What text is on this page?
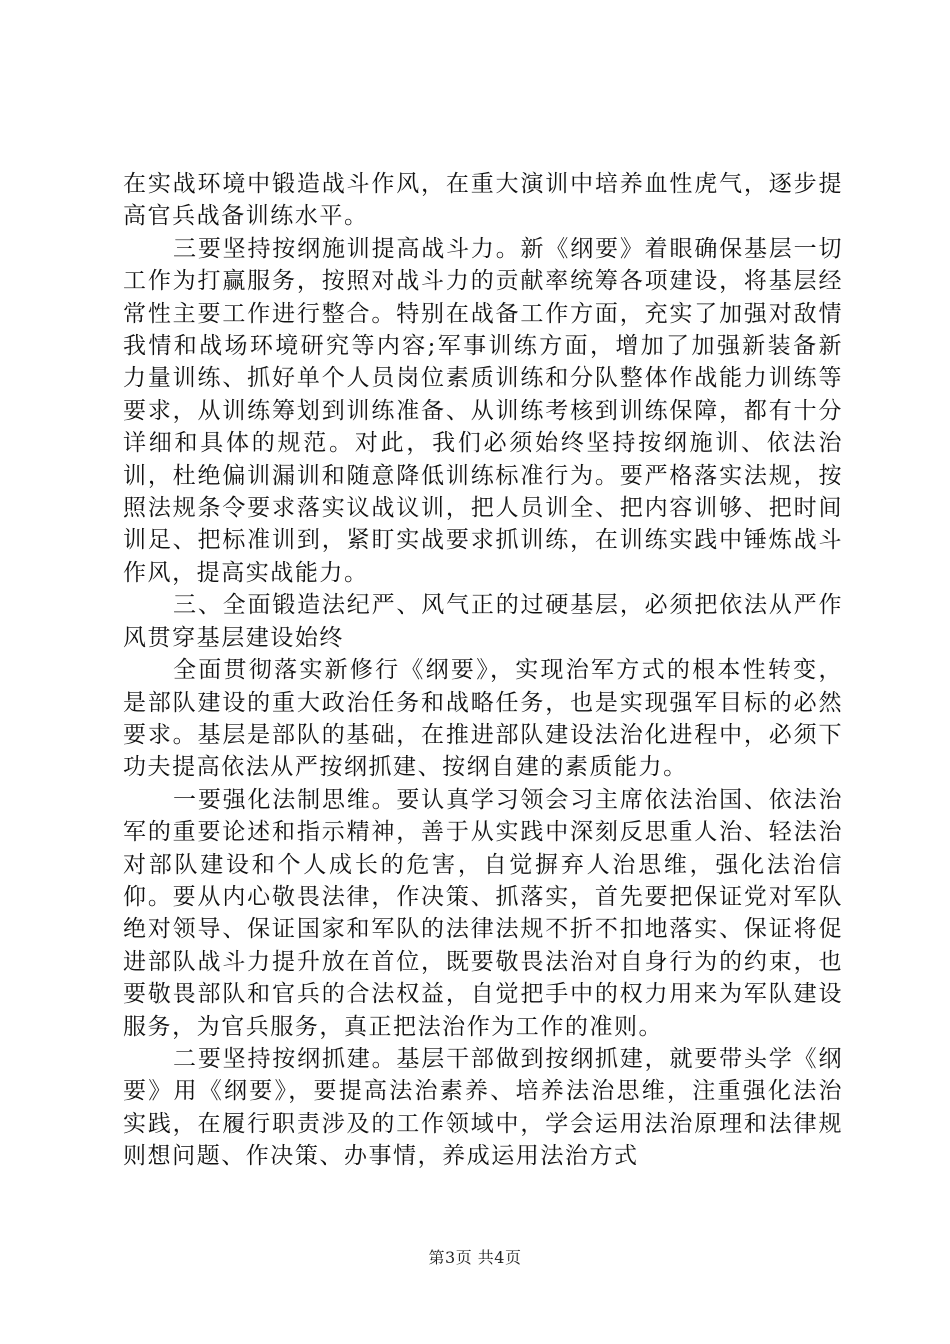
在实战环境中锻造战斗作风，在重大演训中培养血性虎气，逐步提高官兵战备训练水平。

三要坚持按纲施训提高战斗力。新《纲要》着眼确保基层一切工作为打赢服务，按照对战斗力的贡献率统筹各项建设，将基层经常性主要工作进行整合。特别在战备工作方面，充实了加强对敌情我情和战场环境研究等内容;军事训练方面，增加了加强新装备新力量训练、抓好单个人员岗位素质训练和分队整体作战能力训练等要求，从训练筹划到训练准备、从训练考核到训练保障，都有十分详细和具体的规范。对此，我们必须始终坚持按纲施训、依法治训，杜绝偏训漏训和随意降低训练标准行为。要严格落实法规，按照法规条令要求落实议战议训，把人员训全、把内容训够、把时间训足、把标准训到，紧盯实战要求抓训练，在训练实践中锤炼战斗作风，提高实战能力。

三、全面锻造法纪严、风气正的过硬基层，必须把依法从严作风贯穿基层建设始终

全面贯彻落实新修行《纲要》，实现治军方式的根本性转变，是部队建设的重大政治任务和战略任务，也是实现强军目标的必然要求。基层是部队的基础，在推进部队建设法治化进程中，必须下功夫提高依法从严按纲抓建、按纲自建的素质能力。

一要强化法制思维。要认真学习领会习主席依法治国、依法治军的重要论述和指示精神，善于从实践中深刻反思重人治、轻法治对部队建设和个人成长的危害，自觉摒弃人治思维，强化法治信仰。要从内心敬畏法律，作决策、抓落实，首先要把保证党对军队绝对领导、保证国家和军队的法律法规不折不扣地落实、保证将促进部队战斗力提升放在首位，既要敬畏法治对自身行为的约束，也要敬畏部队和官兵的合法权益，自觉把手中的权力用来为军队建设服务，为官兵服务，真正把法治作为工作的准则。

二要坚持按纲抓建。基层干部做到按纲抓建，就要带头学《纲要》用《纲要》，要提高法治素养、培养法治思维，注重强化法治实践，在履行职责涉及的工作领域中，学会运用法治原理和法律规则想问题、作决策、办事情，养成运用法治方式

第3页 共4页
